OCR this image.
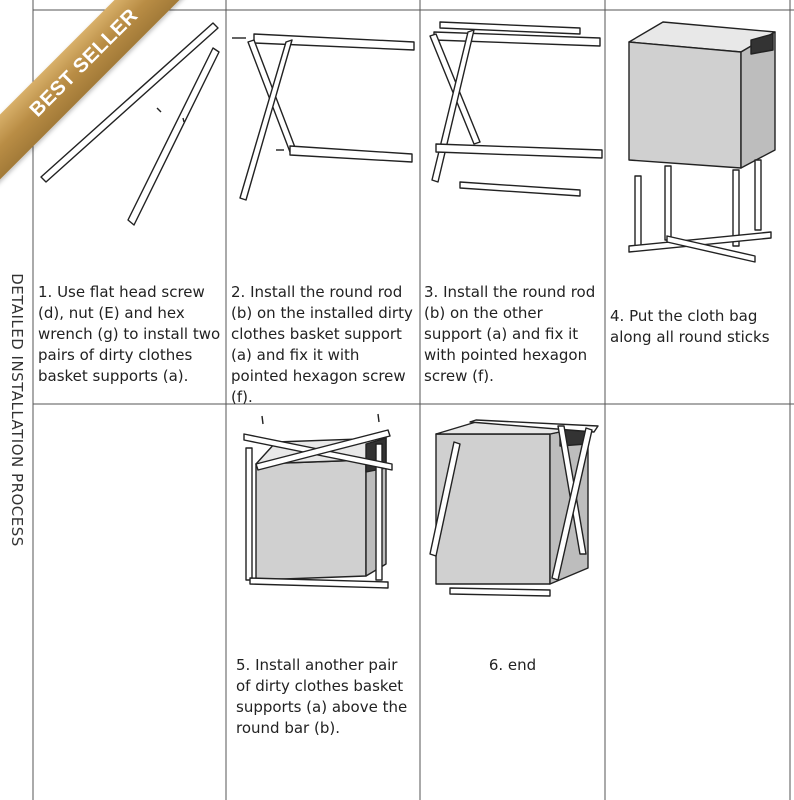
DETAILED INSTALLATION PROCESS 1. Use flat head screw (d), nut (E) and hex wrench (g) to install two pairs of dirty clothes basket supports (a).
2. Install the round rod (b) on the installed dirty clothes basket support (a) and fix it with pointed hexagon screw (f).
3. Install the round rod (b) on the other support (a) and fix it with pointed hexagon screw (f).
4. Put the cloth bag along all round sticks
5. Install another pair of dirty clothes basket supports (a) above the round bar (b).
6. end
BEST SELLER
